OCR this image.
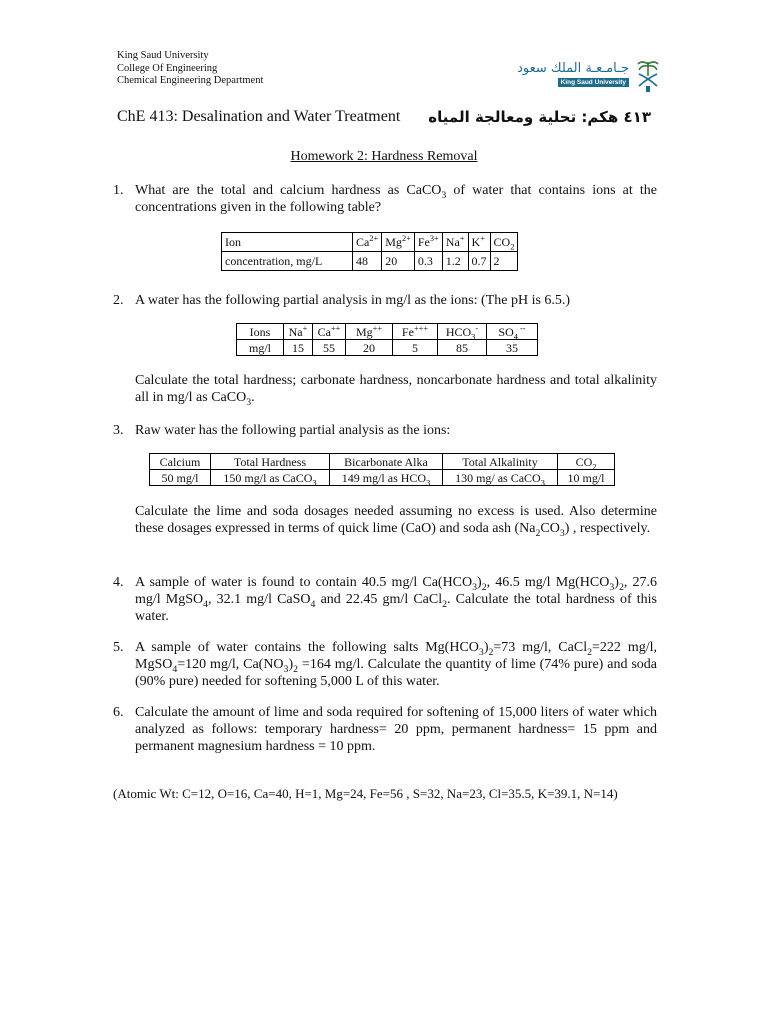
King Saud University
College Of Engineering
Chemical Engineering Department
جـامـعـة الملك سعود
King Saud University
ChE 413: Desalination and Water Treatment ٤١٣ هكم: تحلية ومعالجة المياه
Homework 2: Hardness Removal
1. What are the total and calcium hardness as CaCO$_3$ of water that contains ions at the concentrations given in the following table?
Ion	$Ca^{2+}$	$Mg^{2+}$	$Fe^{3+}$	Na+	K+	$CO_2$
concentration, mg/L	48	20	0.3	1.2	0.7	2
2. A water has the following partial analysis in mg/l as the ions: (The pH is 6.5.)
Ions	Na+	Ca++	Mg++	Fe+++	$HCO_3^-$	$SO_4$ --
mg/l	15	55	20	5	85	35
Calculate the total hardness; carbonate hardness, noncarbonate hardness and total alkalinity all in mg/l as CaCO$_3$.
3. Raw water has the following partial analysis as the ions:
Calcium	Total Hardness	Bicarbonate Alka	Total Alkalinity	$CO_2$
50 mg/l	150 mg/l as CaCO$_3$	149 mg/l as $HCO_3$	130 mg/ as CaCO$_3$	10 mg/l
Calculate the lime and soda dosages needed assuming no excess is used. Also determine these dosages expressed in terms of quick lime (CaO) and soda ash $(Na_2CO_3)$ , respectively.
4. A sample of water is found to contain 40.5 mg/l $Ca(HCO_3)_2$, 46.5 mg/l $Mg(HCO_3)_2$, 27.6 mg/l MgSO$_4$, 32.1 mg/l CaSO$_4$ and 22.45 gm/l CaCl$_2$. Calculate the total hardness of this water.
5. A sample of water contains the following salts $Mg(HCO_3)_2=73$ mg/l, CaCl$_2$=222 mg/l, MgSO$_4$=120 mg/l, $Ca(NO_3)_2 =164$ mg/l. Calculate the quantity of lime (74% pure) and soda (90% pure) needed for softening 5,000 L of this water.
6. Calculate the amount of lime and soda required for softening of 15,000 liters of water which analyzed as follows: temporary hardness= 20 ppm, permanent hardness= 15 ppm and permanent magnesium hardness = 10 ppm.
(Atomic Wt: C=12, O=16, Ca=40, H=1, Mg=24, Fe=56 , S=32, Na=23, Cl=35.5, K=39.1, N=14)
